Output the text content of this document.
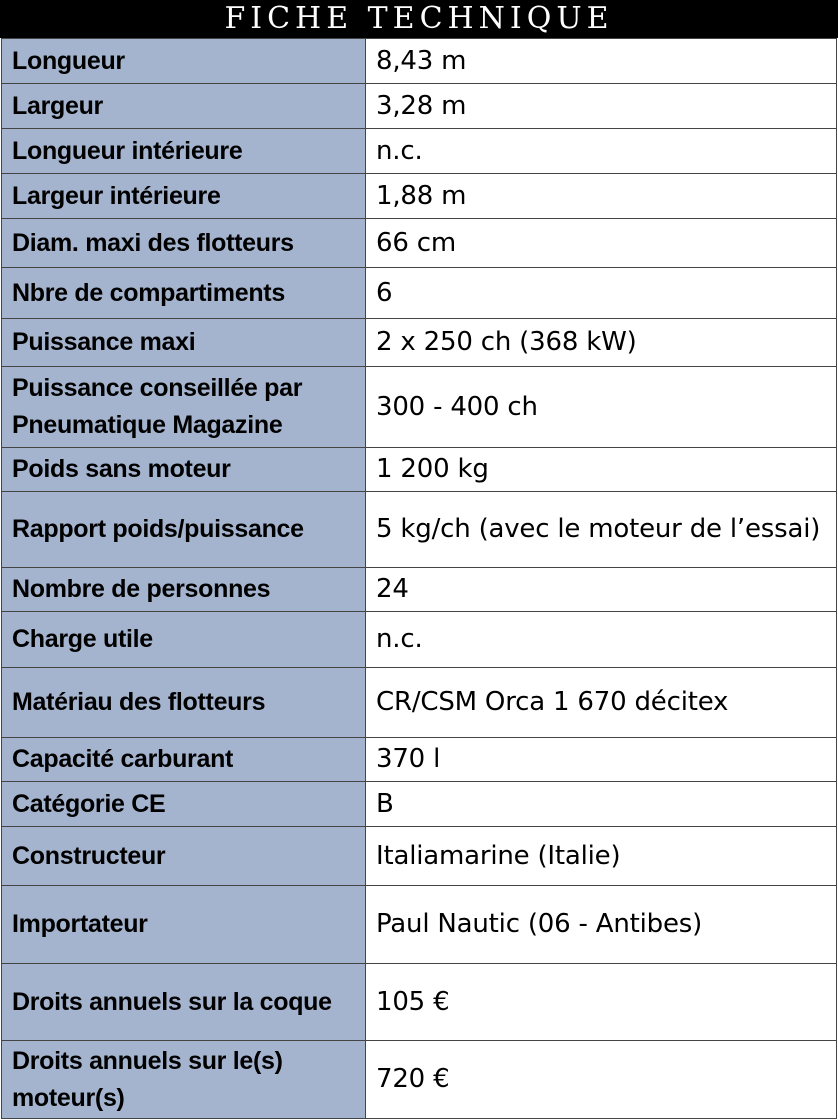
FICHE TECHNIQUE
Longueur	8,43 m
Largeur	3,28 m
Longueur intérieure	n.c.
Largeur intérieure	1,88 m
Diam. maxi des flotteurs	66 cm
Nbre de compartiments	6
Puissance maxi	2 x 250 ch (368 kW)
Puissance conseillée par Pneumatique Magazine	300 - 400 ch
Poids sans moteur	1 200 kg
Rapport poids/puissance	5 kg/ch (avec le moteur de l’essai)
Nombre de personnes	24
Charge utile	n.c.
Matériau des flotteurs	CR/CSM Orca 1 670 décitex
Capacité carburant	370 l
Catégorie CE	B
Constructeur	Italiamarine (Italie)
Importateur	Paul Nautic (06 - Antibes)
Droits annuels sur la coque	105 €
Droits annuels sur le(s) moteur(s)	720 €
